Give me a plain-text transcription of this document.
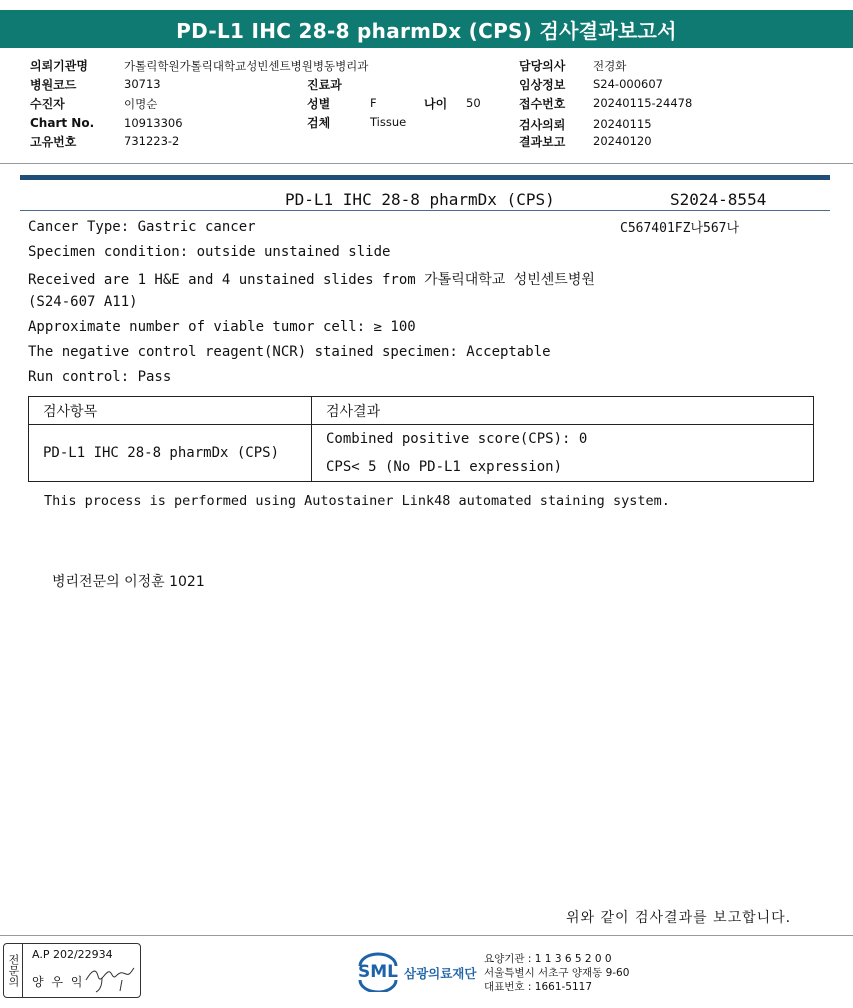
PD-L1 IHC 28-8 pharmDx (CPS) 검사결과보고서
의뢰기관명	가톨릭학원가톨릭대학교성빈센트병원병동병리과
병원코드	30713
수진자	이명순
Chart No.	10913306
고유번호	731223-2
진료과
성별	F	나이 50
검체	Tissue
담당의사 전경화
임상정보 S24-000607
접수번호 20240115-24478
검사의뢰 20240115
결과보고 20240120
PD-L1 IHC 28-8 pharmDx (CPS)	S2024-8554
C567401FZ나567나
Cancer Type: Gastric cancer
Specimen condition: outside unstained slide
Received are 1 H&E and 4 unstained slides from 가톨릭대학교 성빈센트병원
(S24-607 A11)
Approximate number of viable tumor cell: ≥ 100
The negative control reagent(NCR) stained specimen: Acceptable
Run control: Pass
검사항목	검사결과
PD-L1 IHC 28-8 pharmDx (CPS)	Combined positive score(CPS): 0
CPS< 5 (No PD-L1 expression)
This process is performed using Autostainer Link48 automated staining system.
병리전문의 이정훈 1021
위와 같이 검사결과를 보고합니다.
전문의 A.P 202/22934
양 우 익	SML 삼광의료재단
요양기관 : 1 1 3 6 5 2 0 0
서울특별시 서초구 양재동 9-60
대표번호 : 1661-5117
